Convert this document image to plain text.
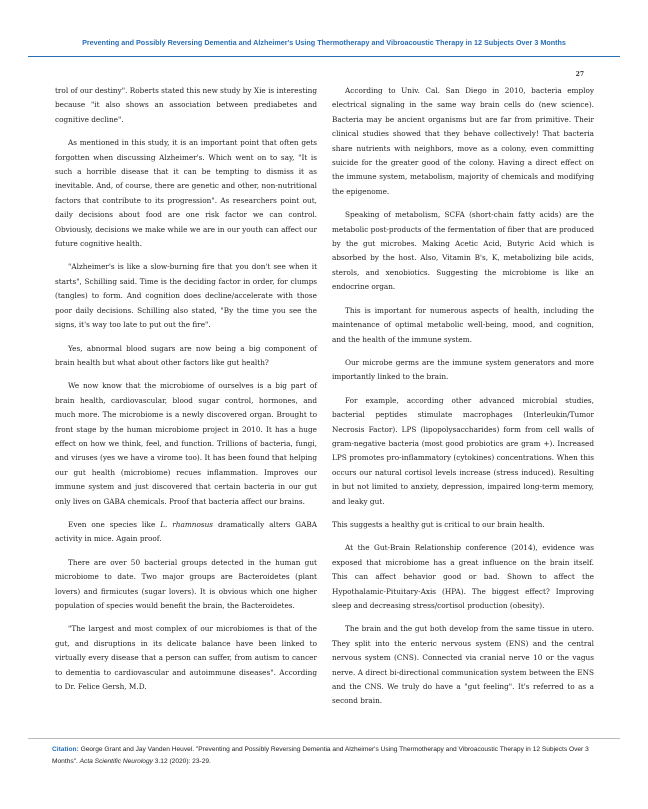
Preventing and Possibly Reversing Dementia and Alzheimer's Using Thermotherapy and Vibroacoustic Therapy in 12 Subjects Over 3 Months
27

trol of our destiny". Roberts stated this new study by Xie is interesting because "it also shows an association between prediabetes and cognitive decline".

As mentioned in this study, it is an important point that often gets forgotten when discussing Alzheimer's. Which went on to say, "It is such a horrible disease that it can be tempting to dismiss it as inevitable. And, of course, there are genetic and other, non-nutritional factors that contribute to its progression". As researchers point out, daily decisions about food are one risk factor we can control. Obviously, decisions we make while we are in our youth can affect our future cognitive health.

"Alzheimer's is like a slow-burning fire that you don't see when it starts", Schilling said. Time is the deciding factor in order, for clumps (tangles) to form. And cognition does decline/accelerate with those poor daily decisions. Schilling also stated, "By the time you see the signs, it's way too late to put out the fire".

Yes, abnormal blood sugars are now being a big component of brain health but what about other factors like gut health?

We now know that the microbiome of ourselves is a big part of brain health, cardiovascular, blood sugar control, hormones, and much more. The microbiome is a newly discovered organ. Brought to front stage by the human microbiome project in 2010. It has a huge effect on how we think, feel, and function. Trillions of bacteria, fungi, and viruses (yes we have a virome too). It has been found that helping our gut health (microbiome) recues inflammation. Improves our immune system and just discovered that certain bacteria in our gut only lives on GABA chemicals. Proof that bacteria affect our brains.

Even one species like L. rhamnosus dramatically alters GABA activity in mice. Again proof.

There are over 50 bacterial groups detected in the human gut microbiome to date. Two major groups are Bacteroidetes (plant lovers) and firmicutes (sugar lovers). It is obvious which one higher population of species would benefit the brain, the Bacteroidetes.

"The largest and most complex of our microbiomes is that of the gut, and disruptions in its delicate balance have been linked to virtually every disease that a person can suffer, from autism to cancer to dementia to cardiovascular and autoimmune diseases". According to Dr. Felice Gersh, M.D.

According to Univ. Cal. San Diego in 2010, bacteria employ electrical signaling in the same way brain cells do (new science). Bacteria may be ancient organisms but are far from primitive. Their clinical studies showed that they behave collectively! That bacteria share nutrients with neighbors, move as a colony, even committing suicide for the greater good of the colony. Having a direct effect on the immune system, metabolism, majority of chemicals and modifying the epigenome.

Speaking of metabolism, SCFA (short-chain fatty acids) are the metabolic post-products of the fermentation of fiber that are produced by the gut microbes. Making Acetic Acid, Butyric Acid which is absorbed by the host. Also, Vitamin B's, K, metabolizing bile acids, sterols, and xenobiotics. Suggesting the microbiome is like an endocrine organ.

This is important for numerous aspects of health, including the maintenance of optimal metabolic well-being, mood, and cognition, and the health of the immune system.

Our microbe germs are the immune system generators and more importantly linked to the brain.

For example, according other advanced microbial studies, bacterial peptides stimulate macrophages (Interleukin/Tumor Necrosis Factor). LPS (lipopolysaccharides) form from cell walls of gram-negative bacteria (most good probiotics are gram +). Increased LPS promotes pro-inflammatory (cytokines) concentrations. When this occurs our natural cortisol levels increase (stress induced). Resulting in but not limited to anxiety, depression, impaired long-term memory, and leaky gut.

This suggests a healthy gut is critical to our brain health.

At the Gut-Brain Relationship conference (2014), evidence was exposed that microbiome has a great influence on the brain itself. This can affect behavior good or bad. Shown to affect the Hypothalamic-Pituitary-Axis (HPA). The biggest effect? Improving sleep and decreasing stress/cortisol production (obesity).

The brain and the gut both develop from the same tissue in utero. They split into the enteric nervous system (ENS) and the central nervous system (CNS). Connected via cranial nerve 10 or the vagus nerve. A direct bi-directional communication system between the ENS and the CNS. We truly do have a "gut feeling". It's referred to as a second brain.

Citation: George Grant and Jay Vanden Heuvel. "Preventing and Possibly Reversing Dementia and Alzheimer's Using Thermotherapy and Vibroacoustic Therapy in 12 Subjects Over 3 Months". Acta Scientific Neurology 3.12 (2020): 23-29.
